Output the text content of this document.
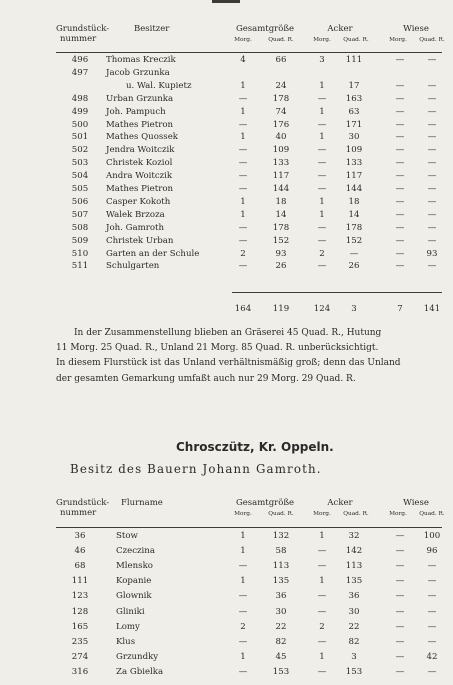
Grundstück-
nummer
Besitzer	Gesamtgröße	Acker	Wiese
Morg.	Quad. R.	Morg.	Quad. R.	Morg.	Quad. R.
496	Thomas Kreczik	4	66	3	111	—	—
497	Jacob Grzunka
u. Wal. Kupietz	1	24	1	17	—	—
498	Urban Grzunka	—	178	—	163	—	—
499	Joh. Pampuch	1	74	1	63	—	—
500	Mathes Pietron	—	176	—	171	—	—
501	Mathes Quossek	1	40	1	30	—	—
502	Jendra Woitczik	—	109	—	109	—	—
503	Christek Koziol	—	133	—	133	—	—
504	Andra Woitczik	—	117	—	117	—	—
505	Mathes Pietron	—	144	—	144	—	—
506	Casper Kokoth	1	18	1	18	—	—
507	Walek Brzoza	1	14	1	14	—	—
508	Joh. Gamroth	—	178	—	178	—	—
509	Christek Urban	—	152	—	152	—	—
510	Garten an der Schule	2	93	2	—	—	93
511	Schulgarten	—	26	—	26	—	—
164	119	124	3	7	141
In der Zusammenstellung blieben an Gräserei 45 Quad. R., Hutung
11 Morg. 25 Quad. R., Unland 21 Morg. 85 Quad. R. unberücksichtigt.
In diesem Flurstück ist das Unland verhältnismäßig groß; denn das Unland
der gesamten Gemarkung umfaßt auch nur 29 Morg. 29 Quad. R.
Chrosczütz, Kr. Oppeln.
Besitz des Bauern Johann Gamroth.
Grundstück-
nummer
Flurname	Gesamtgröße	Acker	Wiese
Morg.	Quad. R.	Morg.	Quad. R.	Morg.	Quad. R.
36	Stow	1	132	1	32	—	100
46	Czeczina	1	58	—	142	—	96
68	Mlensko	—	113	—	113	—	—
111	Kopanie	1	135	1	135	—	—
123	Glownik	—	36	—	36	—	—
128	Gliniki	—	30	—	30	—	—
165	Lomy	2	22	2	22	—	—
235	Klus	—	82	—	82	—	—
274	Grzundky	1	45	1	3	—	42
316	Za Gbielka	—	153	—	153	—	—
